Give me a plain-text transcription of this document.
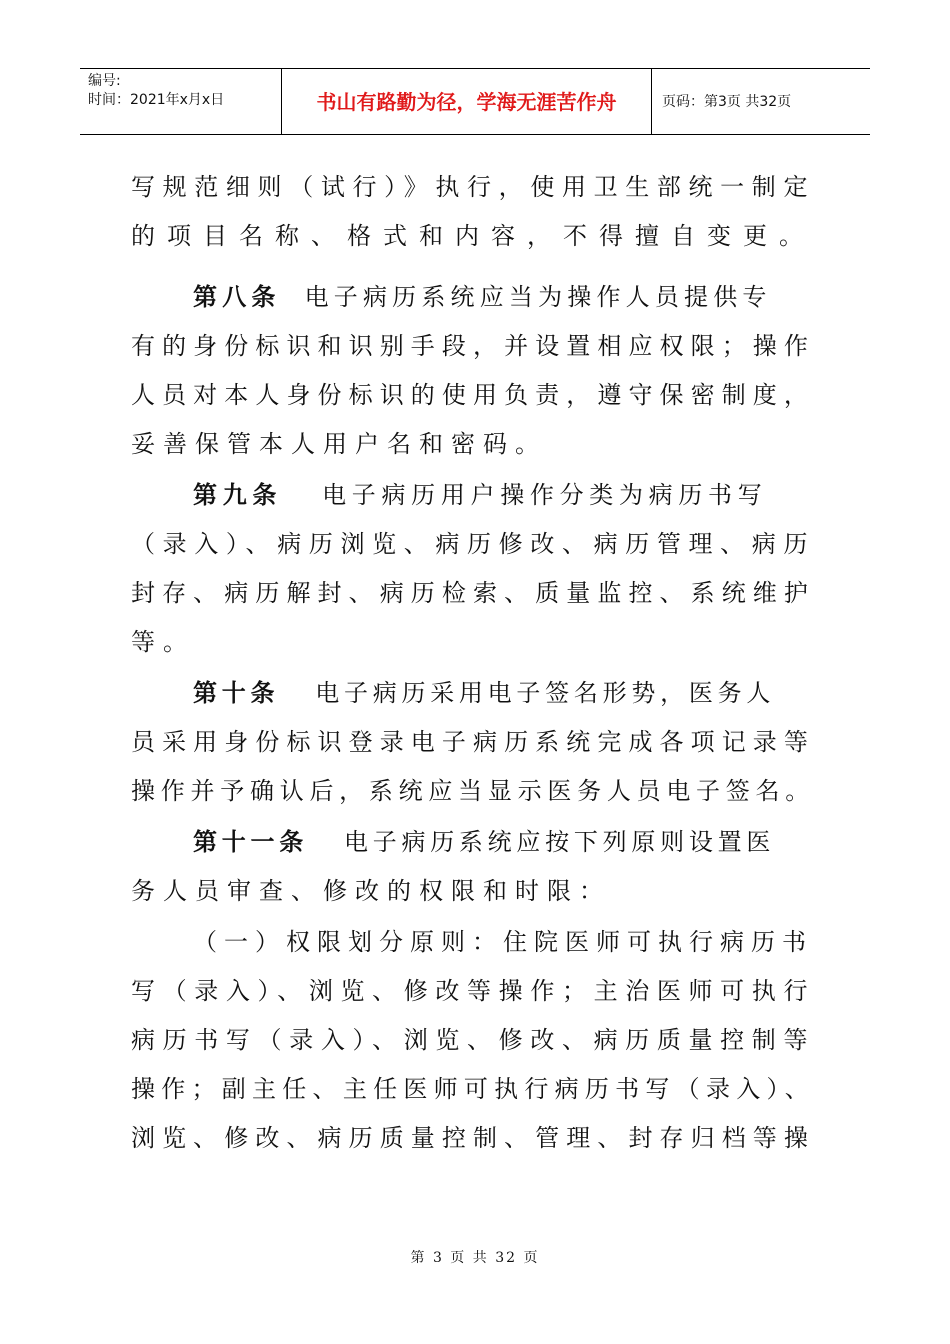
编号:
时间：2021年x月x日	书山有路勤为径，学海无涯苦作舟	页码：第3页 共32页
写规范细则（试行）》执行，使用卫生部统一制定
的项目名称、格式和内容，不得擅自变更。
第八条 电子病历系统应当为操作人员提供专
有的身份标识和识别手段，并设置相应权限；操作
人员对本人身份标识的使用负责，遵守保密制度，
妥善保管本人用户名和密码。
第九条 电子病历用户操作分类为病历书写
（录入）、病历浏览、病历修改、病历管理、病历
封存、病历解封、病历检索、质量监控、系统维护
等。
第十条 电子病历采用电子签名形势，医务人
员采用身份标识登录电子病历系统完成各项记录等
操作并予确认后，系统应当显示医务人员电子签名。
第十一条 电子病历系统应按下列原则设置医
务人员审查、修改的权限和时限：
（一）权限划分原则：住院医师可执行病历书
写（录入）、浏览、修改等操作；主治医师可执行
病历书写（录入）、浏览、修改、病历质量控制等
操作；副主任、主任医师可执行病历书写（录入）、
浏览、修改、病历质量控制、管理、封存归档等操
第 3 页 共 32 页
